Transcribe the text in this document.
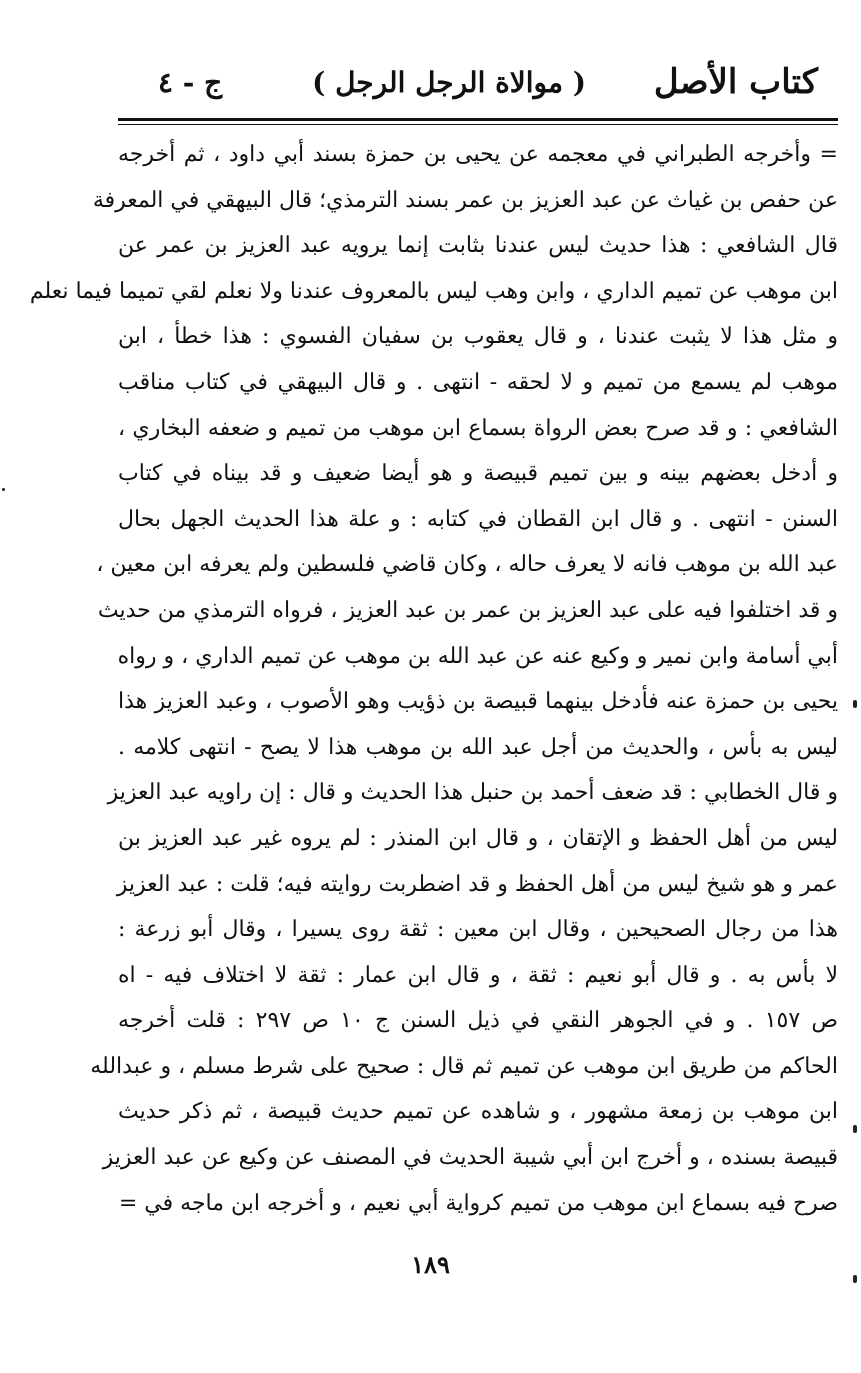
كتاب الأصل
( موالاة الرجل الرجل )
ج - ٤
= وأخرجه الطبراني في معجمه عن يحيى بن حمزة بسند أبي داود ، ثم أخرجه
عن حفص بن غياث عن عبد العزيز بن عمر بسند الترمذي؛ قال البيهقي في المعرفة
قال الشافعي : هذا حديث ليس عندنا بثابت إنما يرويه عبد العزيز بن عمر عن
ابن موهب عن تميم الداري ، وابن وهب ليس بالمعروف عندنا ولا نعلم لقي تميما فيما نعلم
و مثل هذا لا يثبت عندنا ، و قال يعقوب بن سفيان الفسوي : هذا خطأ ، ابن
موهب لم يسمع من تميم و لا لحقه - انتهى . و قال البيهقي في كتاب مناقب
الشافعي : و قد صرح بعض الرواة بسماع ابن موهب من تميم و ضعفه البخاري ،
و أدخل بعضهم بينه و بين تميم قبيصة و هو أيضا ضعيف و قد بيناه في كتاب
السنن - انتهى . و قال ابن القطان في كتابه : و علة هذا الحديث الجهل بحال
عبد الله بن موهب فانه لا يعرف حاله ، وكان قاضي فلسطين ولم يعرفه ابن معين ،
و قد اختلفوا فيه على عبد العزيز بن عمر بن عبد العزيز ، فرواه الترمذي من حديث
أبي أسامة وابن نمير و وكيع عنه عن عبد الله بن موهب عن تميم الداري ، و رواه
يحيى بن حمزة عنه فأدخل بينهما قبيصة بن ذؤيب وهو الأصوب ، وعبد العزيز هذا
ليس به بأس ، والحديث من أجل عبد الله بن موهب هذا لا يصح - انتهى كلامه .
و قال الخطابي : قد ضعف أحمد بن حنبل هذا الحديث و قال : إن راويه عبد العزيز
ليس من أهل الحفظ و الإتقان ، و قال ابن المنذر : لم يروه غير عبد العزيز بن
عمر و هو شيخ ليس من أهل الحفظ و قد اضطربت روايته فيه؛ قلت : عبد العزيز
هذا من رجال الصحيحين ، وقال ابن معين : ثقة روى يسيرا ، وقال أبو زرعة :
لا بأس به . و قال أبو نعيم : ثقة ، و قال ابن عمار : ثقة لا اختلاف فيه - اه
ص ١٥٧ . و في الجوهر النقي في ذيل السنن ج ١٠ ص ٢٩٧ : قلت أخرجه
الحاكم من طريق ابن موهب عن تميم ثم قال : صحيح على شرط مسلم ، و عبدالله
ابن موهب بن زمعة مشهور ، و شاهده عن تميم حديث قبيصة ، ثم ذكر حديث
قبيصة بسنده ، و أخرج ابن أبي شيبة الحديث في المصنف عن وكيع عن عبد العزيز
صرح فيه بسماع ابن موهب من تميم كرواية أبي نعيم ، و أخرجه ابن ماجه في =
١٨٩
